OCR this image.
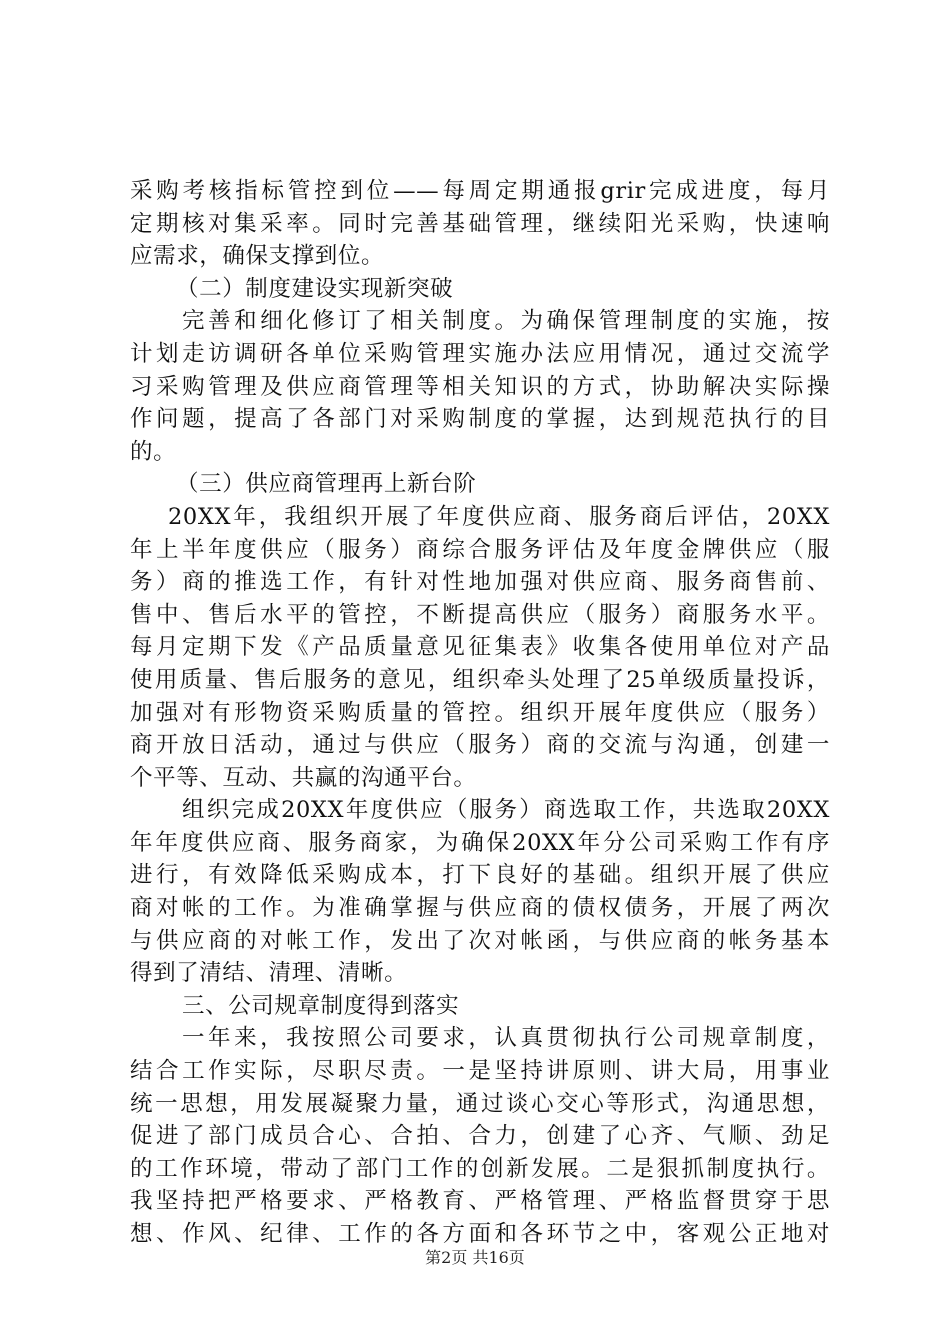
采购考核指标管控到位——每周定期通报grir完成进度，每月
定期核对集采率。同时完善基础管理，继续阳光采购，快速响
应需求，确保支撑到位。
（二）制度建设实现新突破
完善和细化修订了相关制度。为确保管理制度的实施，按
计划走访调研各单位采购管理实施办法应用情况，通过交流学
习采购管理及供应商管理等相关知识的方式，协助解决实际操
作问题，提高了各部门对采购制度的掌握，达到规范执行的目
的。
（三）供应商管理再上新台阶
20XX年，我组织开展了年度供应商、服务商后评估，20XX
年上半年度供应（服务）商综合服务评估及年度金牌供应（服
务）商的推选工作，有针对性地加强对供应商、服务商售前、
售中、售后水平的管控，不断提高供应（服务）商服务水平。
每月定期下发《产品质量意见征集表》收集各使用单位对产品
使用质量、售后服务的意见，组织牵头处理了25单级质量投诉，
加强对有形物资采购质量的管控。组织开展年度供应（服务）
商开放日活动，通过与供应（服务）商的交流与沟通，创建一
个平等、互动、共赢的沟通平台。
组织完成20XX年度供应（服务）商选取工作，共选取20XX
年年度供应商、服务商家，为确保20XX年分公司采购工作有序
进行，有效降低采购成本，打下良好的基础。组织开展了供应
商对帐的工作。为准确掌握与供应商的债权债务，开展了两次
与供应商的对帐工作，发出了次对帐函，与供应商的帐务基本
得到了清结、清理、清晰。
三、公司规章制度得到落实
一年来，我按照公司要求，认真贯彻执行公司规章制度，
结合工作实际，尽职尽责。一是坚持讲原则、讲大局，用事业
统一思想，用发展凝聚力量，通过谈心交心等形式，沟通思想，
促进了部门成员合心、合拍、合力，创建了心齐、气顺、劲足
的工作环境，带动了部门工作的创新发展。二是狠抓制度执行。
我坚持把严格要求、严格教育、严格管理、严格监督贯穿于思
想、作风、纪律、工作的各方面和各环节之中，客观公正地对
第2页 共16页
